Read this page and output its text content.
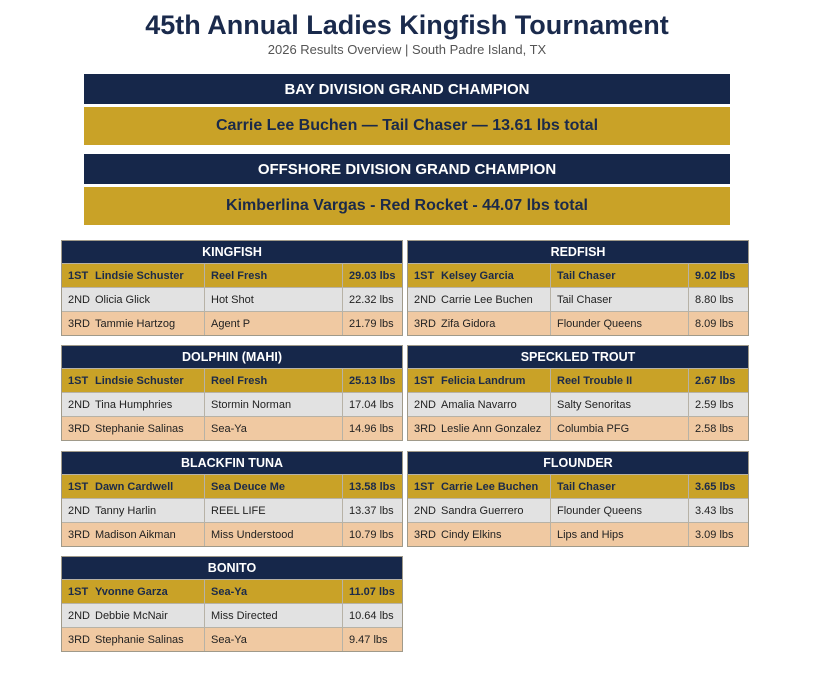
45th Annual Ladies Kingfish Tournament
2026 Results Overview | South Padre Island, TX
BAY DIVISION GRAND CHAMPION
Carrie Lee Buchen — Tail Chaser — 13.61 lbs total
OFFSHORE DIVISION GRAND CHAMPION
Kimberlina Vargas - Red Rocket - 44.07 lbs total
KINGFISH
1ST Lindsie Schuster	Reel Fresh	29.03 lbs
2ND Olicia Glick	Hot Shot	22.32 lbs
3RD Tammie Hartzog	Agent P	21.79 lbs
REDFISH
1ST Kelsey Garcia	Tail Chaser	9.02 lbs
2ND Carrie Lee Buchen	Tail Chaser	8.80 lbs
3RD Zifa Gidora	Flounder Queens	8.09 lbs
DOLPHIN (MAHI)
1ST Lindsie Schuster	Reel Fresh	25.13 lbs
2ND Tina Humphries	Stormin Norman	17.04 lbs
3RD Stephanie Salinas	Sea-Ya	14.96 lbs
SPECKLED TROUT
1ST Felicia Landrum	Reel Trouble II	2.67 lbs
2ND Amalia Navarro	Salty Senoritas	2.59 lbs
3RD Leslie Ann Gonzalez	Columbia PFG	2.58 lbs
BLACKFIN TUNA
1ST Dawn Cardwell	Sea Deuce Me	13.58 lbs
2ND Tanny Harlin	REEL LIFE	13.37 lbs
3RD Madison Aikman	Miss Understood	10.79 lbs
FLOUNDER
1ST Carrie Lee Buchen	Tail Chaser	3.65 lbs
2ND Sandra Guerrero	Flounder Queens	3.43 lbs
3RD Cindy Elkins	Lips and Hips	3.09 lbs
BONITO
1ST Yvonne Garza	Sea-Ya	11.07 lbs
2ND Debbie McNair	Miss Directed	10.64 lbs
3RD Stephanie Salinas	Sea-Ya	9.47 lbs
